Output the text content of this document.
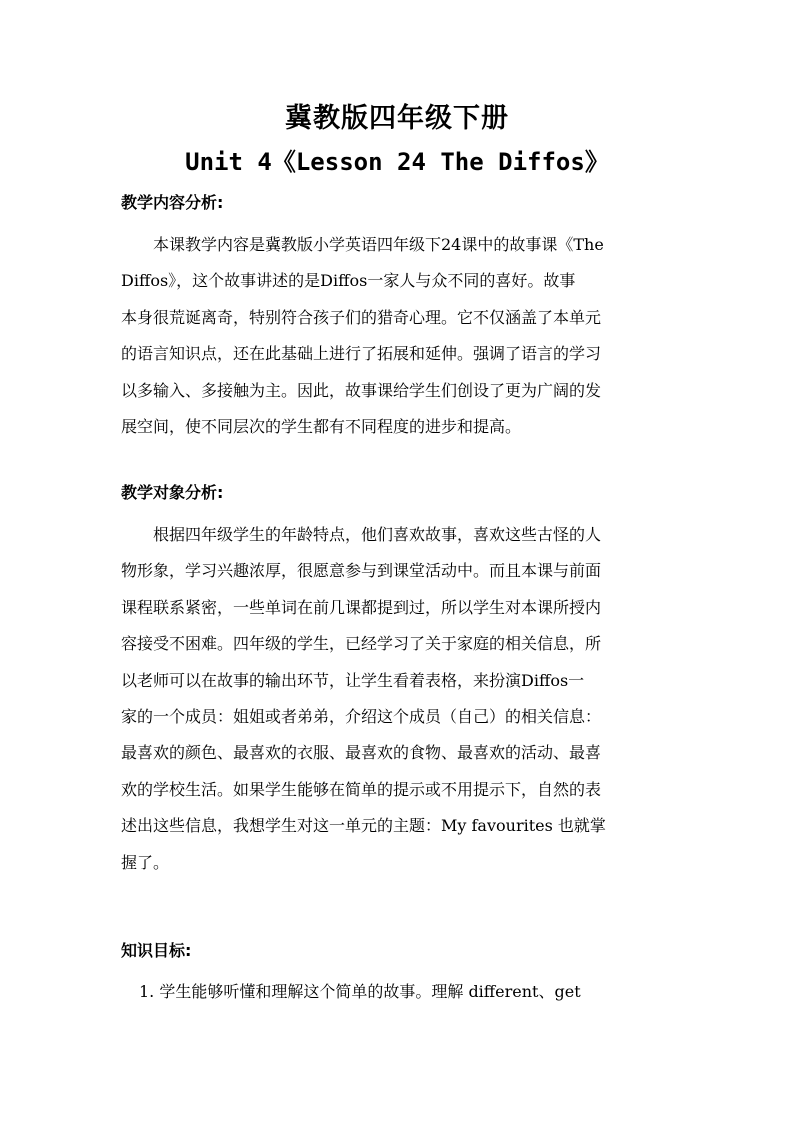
冀教版四年级下册
Unit 4《Lesson 24 The Diffos》
教学内容分析:
　　本课教学内容是冀教版小学英语四年级下24课中的故事课《The
Diffos》，这个故事讲述的是Diffos一家人与众不同的喜好。故事
本身很荒诞离奇，特别符合孩子们的猎奇心理。它不仅涵盖了本单元
的语言知识点，还在此基础上进行了拓展和延伸。强调了语言的学习
以多输入、多接触为主。因此，故事课给学生们创设了更为广阔的发
展空间，使不同层次的学生都有不同程度的进步和提高。
教学对象分析:
　　根据四年级学生的年龄特点，他们喜欢故事，喜欢这些古怪的人
物形象，学习兴趣浓厚，很愿意参与到课堂活动中。而且本课与前面
课程联系紧密，一些单词在前几课都提到过，所以学生对本课所授内
容接受不困难。四年级的学生，已经学习了关于家庭的相关信息，所
以老师可以在故事的输出环节，让学生看着表格，来扮演Diffos一
家的一个成员：姐姐或者弟弟，介绍这个成员（自己）的相关信息：
最喜欢的颜色、最喜欢的衣服、最喜欢的食物、最喜欢的活动、最喜
欢的学校生活。如果学生能够在简单的提示或不用提示下，自然的表
述出这些信息，我想学生对这一单元的主题：My favourites 也就掌
握了。
知识目标:
1. 学生能够听懂和理解这个简单的故事。理解 different、get
